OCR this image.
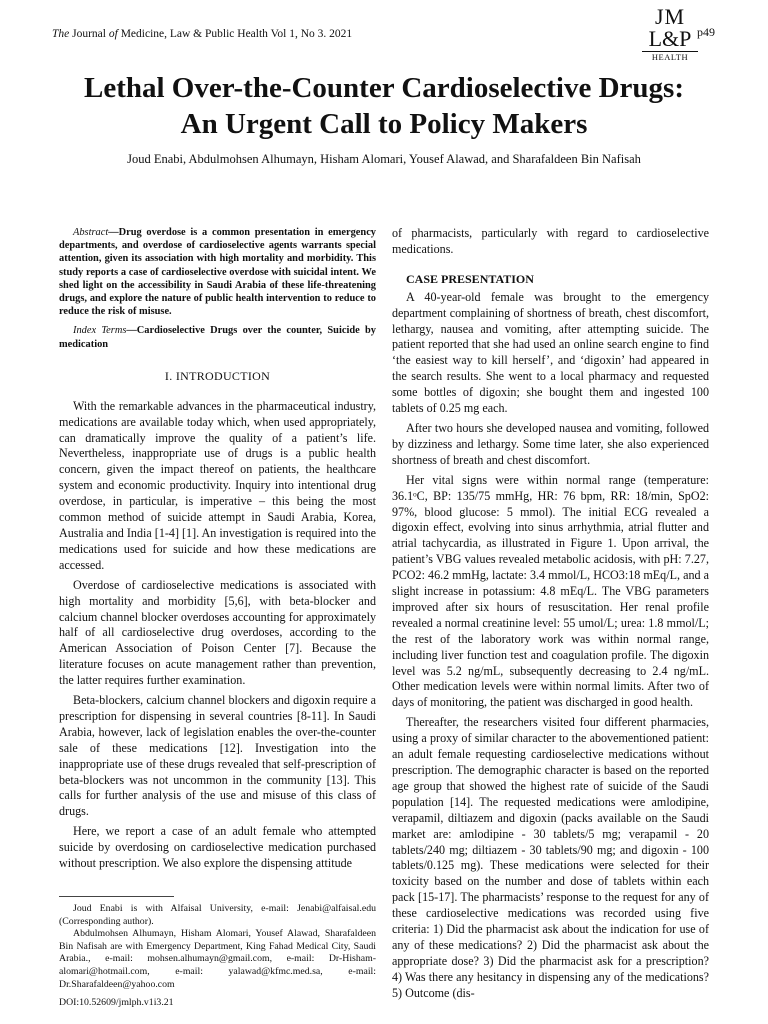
The Journal of Medicine, Law & Public Health Vol 1, No 3. 2021
JM
L&P
HEALTH
p49
Lethal Over-the-Counter Cardioselective Drugs:
An Urgent Call to Policy Makers
Joud Enabi, Abdulmohsen Alhumayn, Hisham Alomari, Yousef Alawad, and Sharafaldeen Bin Nafisah

Abstract—Drug overdose is a common presentation in emergency departments, and overdose of cardioselective agents warrants special attention, given its association with high mortality and morbidity. This study reports a case of cardioselective overdose with suicidal intent. We shed light on the accessibility in Saudi Arabia of these life-threatening drugs, and explore the nature of public health intervention to reduce to reduce the risk of misuse.

Index Terms—Cardioselective Drugs over the counter, Suicide by medication

I. INTRODUCTION

With the remarkable advances in the pharmaceutical industry, medications are available today which, when used appropriately, can dramatically improve the quality of a patient’s life. Nevertheless, inappropriate use of drugs is a public health concern, given the impact thereof on patients, the healthcare system and economic productivity. Inquiry into intentional drug overdose, in particular, is imperative – this being the most common method of suicide attempt in Saudi Arabia, Korea, Australia and India [1-4] [1]. An investigation is required into the medications used for suicide and how these medications are accessed.

Overdose of cardioselective medications is associated with high mortality and morbidity [5,6], with beta-blocker and calcium channel blocker overdoses accounting for approximately half of all cardioselective drug overdoses, according to the American Association of Poison Center [7]. Because the literature focuses on acute management rather than prevention, the latter requires further examination.

Beta-blockers, calcium channel blockers and digoxin require a prescription for dispensing in several countries [8-11]. In Saudi Arabia, however, lack of legislation enables the over-the-counter sale of these medications [12]. Investigation into the inappropriate use of these drugs revealed that self-prescription of beta-blockers was not uncommon in the community [13]. This calls for further analysis of the use and misuse of this class of drugs.

Here, we report a case of an adult female who attempted suicide by overdosing on cardioselective medication purchased without prescription. We also explore the dispensing attitude

Joud Enabi is with Alfaisal University, e-mail: Jenabi@alfaisal.edu (Corresponding author).

Abdulmohsen Alhumayn, Hisham Alomari, Yousef Alawad, Sharafaldeen Bin Nafisah are with Emergency Department, King Fahad Medical City, Saudi Arabia., e-mail: mohsen.alhumayn@gmail.com, e-mail: Dr-Hisham-alomari@hotmail.com, e-mail: yalawad@kfmc.med.sa, e-mail: Dr.Sharafaldeen@yahoo.com

DOI:10.52609/jmlph.v1i3.21

of pharmacists, particularly with regard to cardioselective medications.

CASE PRESENTATION

A 40-year-old female was brought to the emergency department complaining of shortness of breath, chest discomfort, lethargy, nausea and vomiting, after attempting suicide. The patient reported that she had used an online search engine to find ‘the easiest way to kill herself’, and ‘digoxin’ had appeared in the search results. She went to a local pharmacy and requested some bottles of digoxin; she bought them and ingested 100 tablets of 0.25 mg each.

After two hours she developed nausea and vomiting, followed by dizziness and lethargy. Some time later, she also experienced shortness of breath and chest discomfort.

Her vital signs were within normal range (temperature: 36.1ᵒC, BP: 135/75 mmHg, HR: 76 bpm, RR: 18/min, SpO2: 97%, blood glucose: 5 mmol). The initial ECG revealed a digoxin effect, evolving into sinus arrhythmia, atrial flutter and atrial tachycardia, as illustrated in Figure 1. Upon arrival, the patient’s VBG values revealed metabolic acidosis, with pH: 7.27, PCO2: 46.2 mmHg, lactate: 3.4 mmol/L, HCO3:18 mEq/L, and a slight increase in potassium: 4.8 mEq/L. The VBG parameters improved after six hours of resuscitation. Her renal profile revealed a normal creatinine level: 55 umol/L; urea: 1.8 mmol/L; the rest of the laboratory work was within normal range, including liver function test and coagulation profile. The digoxin level was 5.2 ng/mL, subsequently decreasing to 2.4 ng/mL. Other medication levels were within normal limits. After two of days of monitoring, the patient was discharged in good health.

Thereafter, the researchers visited four different pharmacies, using a proxy of similar character to the abovementioned patient: an adult female requesting cardioselective medications without prescription. The demographic character is based on the reported age group that showed the highest rate of suicide of the Saudi population [14]. The requested medications were amlodipine, verapamil, diltiazem and digoxin (packs available on the Saudi market are: amlodipine - 30 tablets/5 mg; verapamil - 20 tablets/240 mg; diltiazem - 30 tablets/90 mg; and digoxin - 100 tablets/0.125 mg). These medications were selected for their toxicity based on the number and dose of tablets within each pack [15-17]. The pharmacists’ response to the request for any of these cardioselective medications was recorded using five criteria: 1) Did the pharmacist ask about the indication for use of any of these medications? 2) Did the pharmacist ask about the appropriate dose? 3) Did the pharmacist ask for a prescription? 4) Was there any hesitancy in dispensing any of the medications? 5) Outcome (dis-
